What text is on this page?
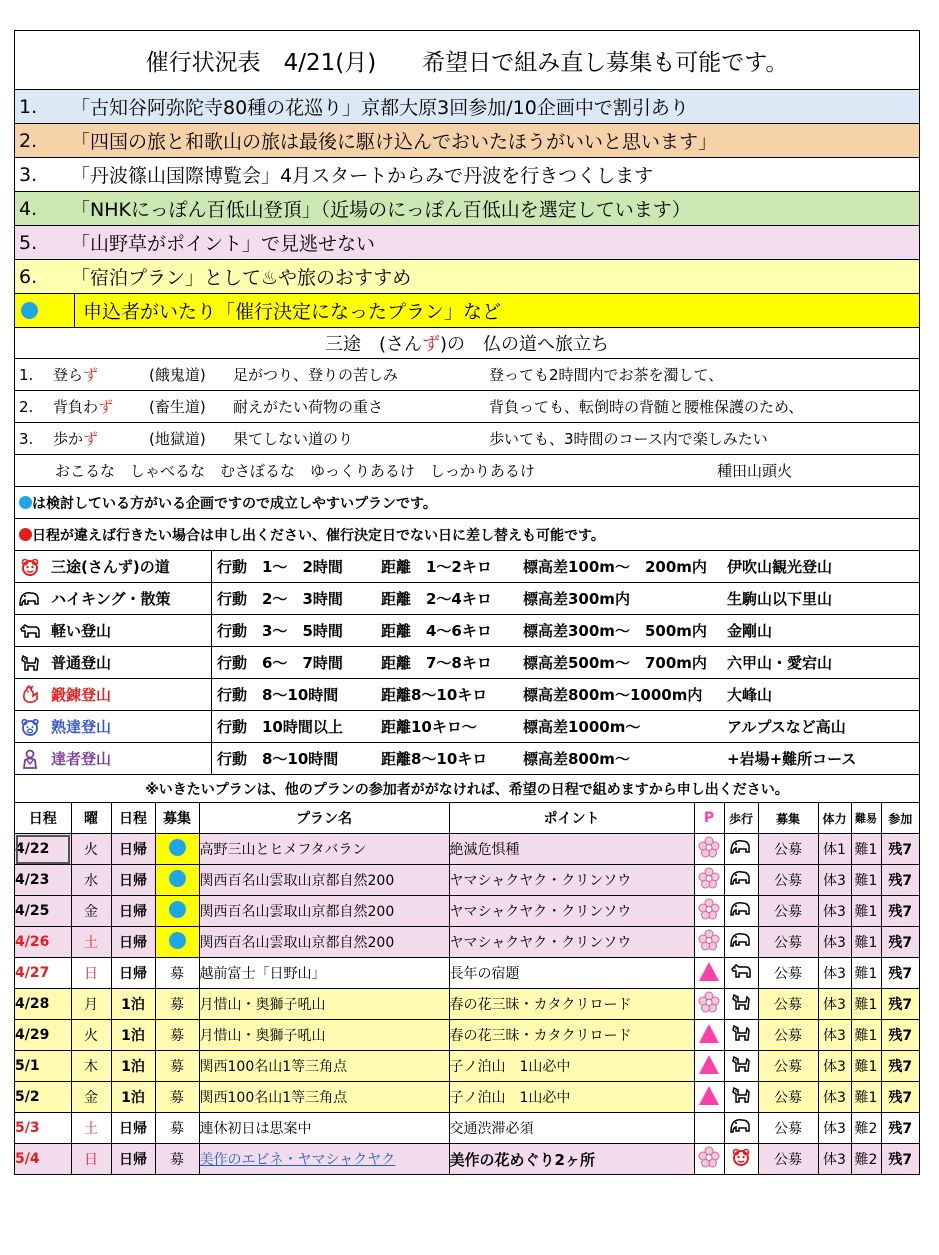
催行状況表　4/21(月)　　希望日で組み直し募集も可能です。
1.	「古知谷阿弥陀寺80種の花巡り」京都大原3回参加/10企画中で割引あり
2.	「四国の旅と和歌山の旅は最後に駆け込んでおいたほうがいいと思います」
3.	「丹波篠山国際博覧会」4月スタートからみで丹波を行きつくします
4.	「NHKにっぽん百低山登頂」（近場のにっぽん百低山を選定しています）
5.	「山野草がポイント」で見逃せない
6.	「宿泊プラン」として♨や旅のおすすめ
申込者がいたり「催行決定になったプラン」など
三途　(さん ず )の　仏の道へ旅立ち
1. 登らず	(餓鬼道) 足がつり、登りの苦しみ	登っても2時間内でお茶を濁して、
2. 背負わず (畜生道) 耐えがたい荷物の重さ	背負っても、転倒時の背髄と腰椎保護のため、
3. 歩かず	(地獄道) 果てしない道のり	歩いても、3時間のコース内で楽しみたい
おこるな　しゃべるな　むさぼるな　ゆっくりあるけ　しっかりあるけ	種田山頭火
は検討している方がいる企画ですので成立しやすいプランです。
日程が違えば行きたい場合は申し出ください、催行決定日でない日に差し替えも可能です。
三途(さんず)の道	行動　1～　2時間	距離　1～2キロ 標高差100m～　200m内 伊吹山観光登山
ハイキング・散策	行動　2～　3時間	距離　2～4キロ 標高差300m内	生駒山以下里山
軽い登山	行動　3～　5時間	距離　4～6キロ 標高差300m～　500m内 金剛山
普通登山	行動　6～　7時間	距離　7～8キロ 標高差500m～　700m内 六甲山・愛宕山
鍛錬登山	行動　8～10時間	距離8～10キロ 標高差800m～1000m内 大峰山
熟達登山	行動　10時間以上	距離10キロ～	標高差1000m～	アルプスなど高山
達者登山	行動　8～10時間	距離8～10キロ 標高差800m～	+岩場+難所コース
※いきたいプランは、他のプランの参加者ががなければ、希望の日程で組めますから申し出ください。
日程	曜	日程	募集	プラン名	ポイント	P	歩行	募集	体力	難易	参加
4/22	火	日帰		高野三山とヒメフタバラン	絶滅危惧種			公募	体1	難1	残7
4/23	水	日帰		関西百名山雲取山京都自然200	ヤマシャクヤク・クリンソウ			公募	体3	難1	残7
4/25	金	日帰		関西百名山雲取山京都自然200	ヤマシャクヤク・クリンソウ			公募	体3	難1	残7
4/26	土	日帰		関西百名山雲取山京都自然200	ヤマシャクヤク・クリンソウ			公募	体3	難1	残7
4/27	日	日帰	募	越前富士「日野山」	長年の宿題			公募	体3	難1	残7
4/28	月	1泊	募	月惜山・奥獅子吼山	春の花三昧・カタクリロード			公募	体3	難1	残7
4/29	火	1泊	募	月惜山・奥獅子吼山	春の花三昧・カタクリロード			公募	体3	難1	残7
5/1	木	1泊	募	関西100名山1等三角点	子ノ泊山　1山必中			公募	体3	難1	残7
5/2	金	1泊	募	関西100名山1等三角点	子ノ泊山　1山必中			公募	体3	難1	残7
5/3	土	日帰	募	連休初日は思案中	交通渋滞必須			公募	体3	難2	残7
5/4	日	日帰	募	美作のエビネ・ヤマシャクヤク	美作の花めぐり2ヶ所			公募	体3	難2	残7
